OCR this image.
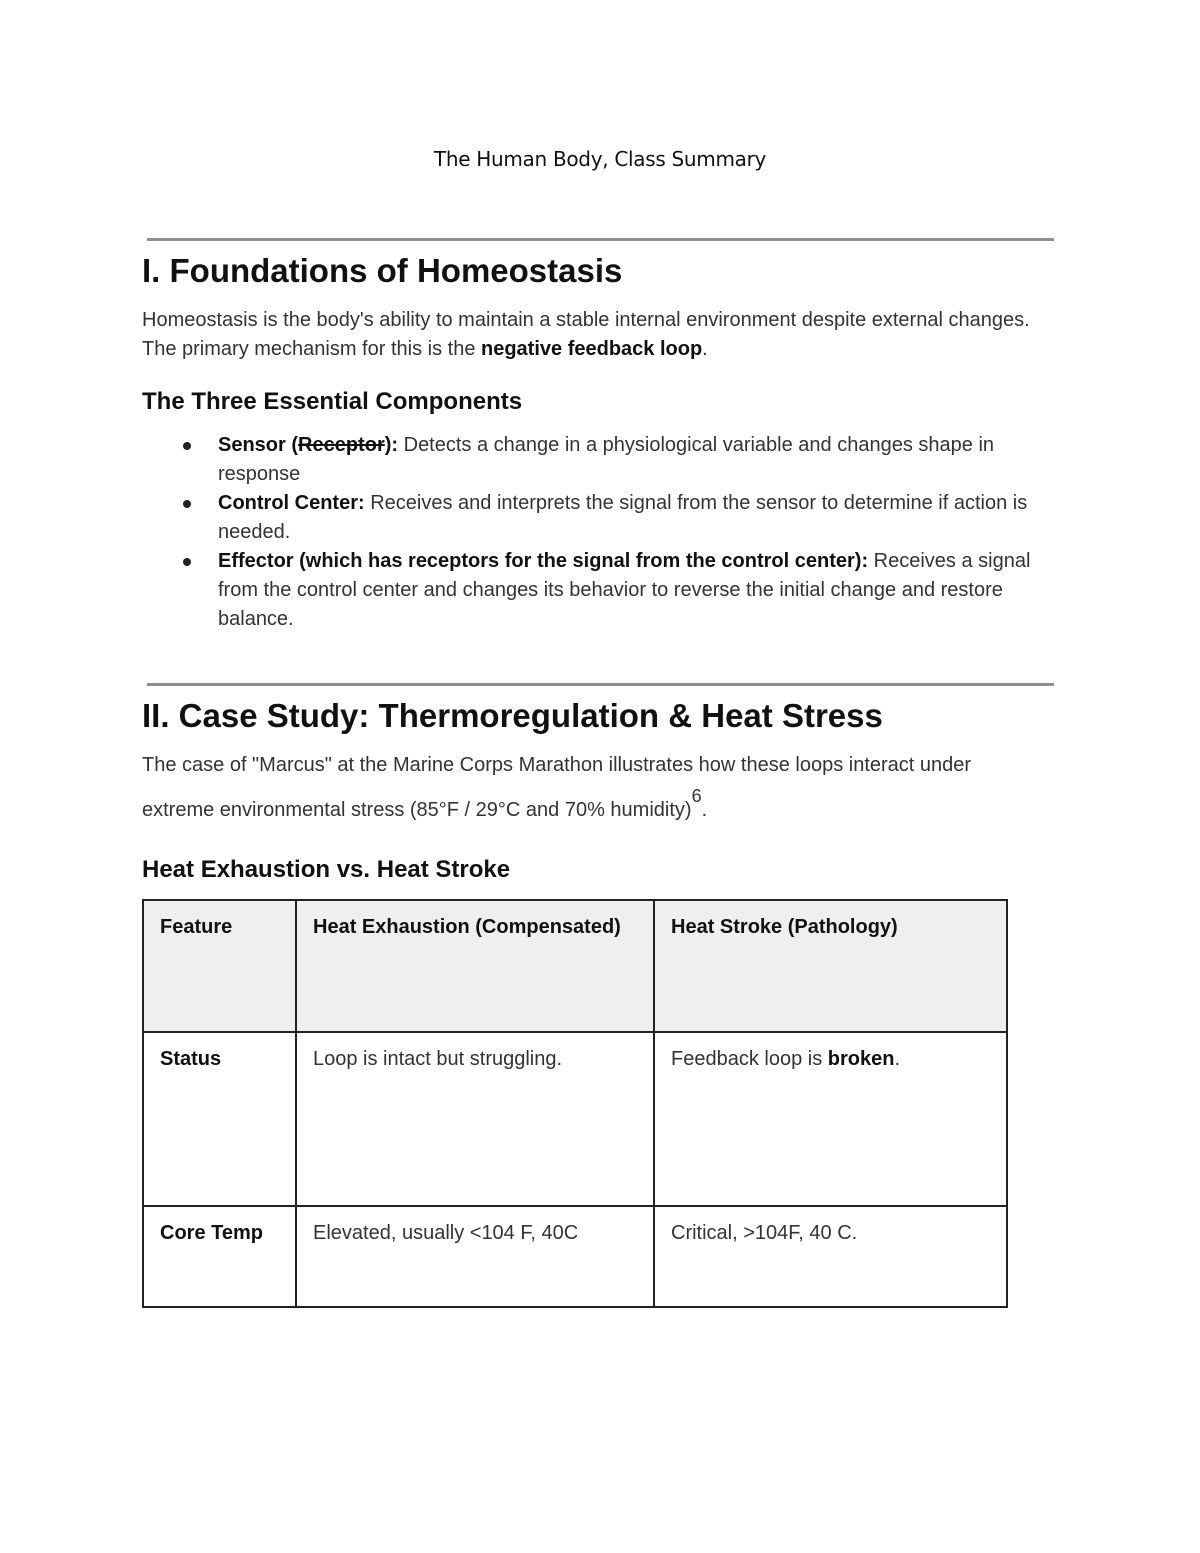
The Human Body, Class Summary
I. Foundations of Homeostasis

Homeostasis is the body's ability to maintain a stable internal environment despite external changes. The primary mechanism for this is the negative feedback loop.

The Three Essential Components
Sensor (Receptor): Detects a change in a physiological variable and changes shape in response
Control Center: Receives and interprets the signal from the sensor to determine if action is needed.
Effector (which has receptors for the signal from the control center): Receives a signal from the control center and changes its behavior to reverse the initial change and restore balance.
II. Case Study: Thermoregulation & Heat Stress

The case of "Marcus" at the Marine Corps Marathon illustrates how these loops interact under
extreme environmental stress (85°F / 29°C and 70% humidity)$^6$.

Heat Exhaustion vs. Heat Stroke
Feature	Heat Exhaustion (Compensated)	Heat Stroke (Pathology)
Status	Loop is intact but struggling.	Feedback loop is broken.
Core Temp	Elevated, usually <104 F, 40C	Critical, >104F, 40 C.
